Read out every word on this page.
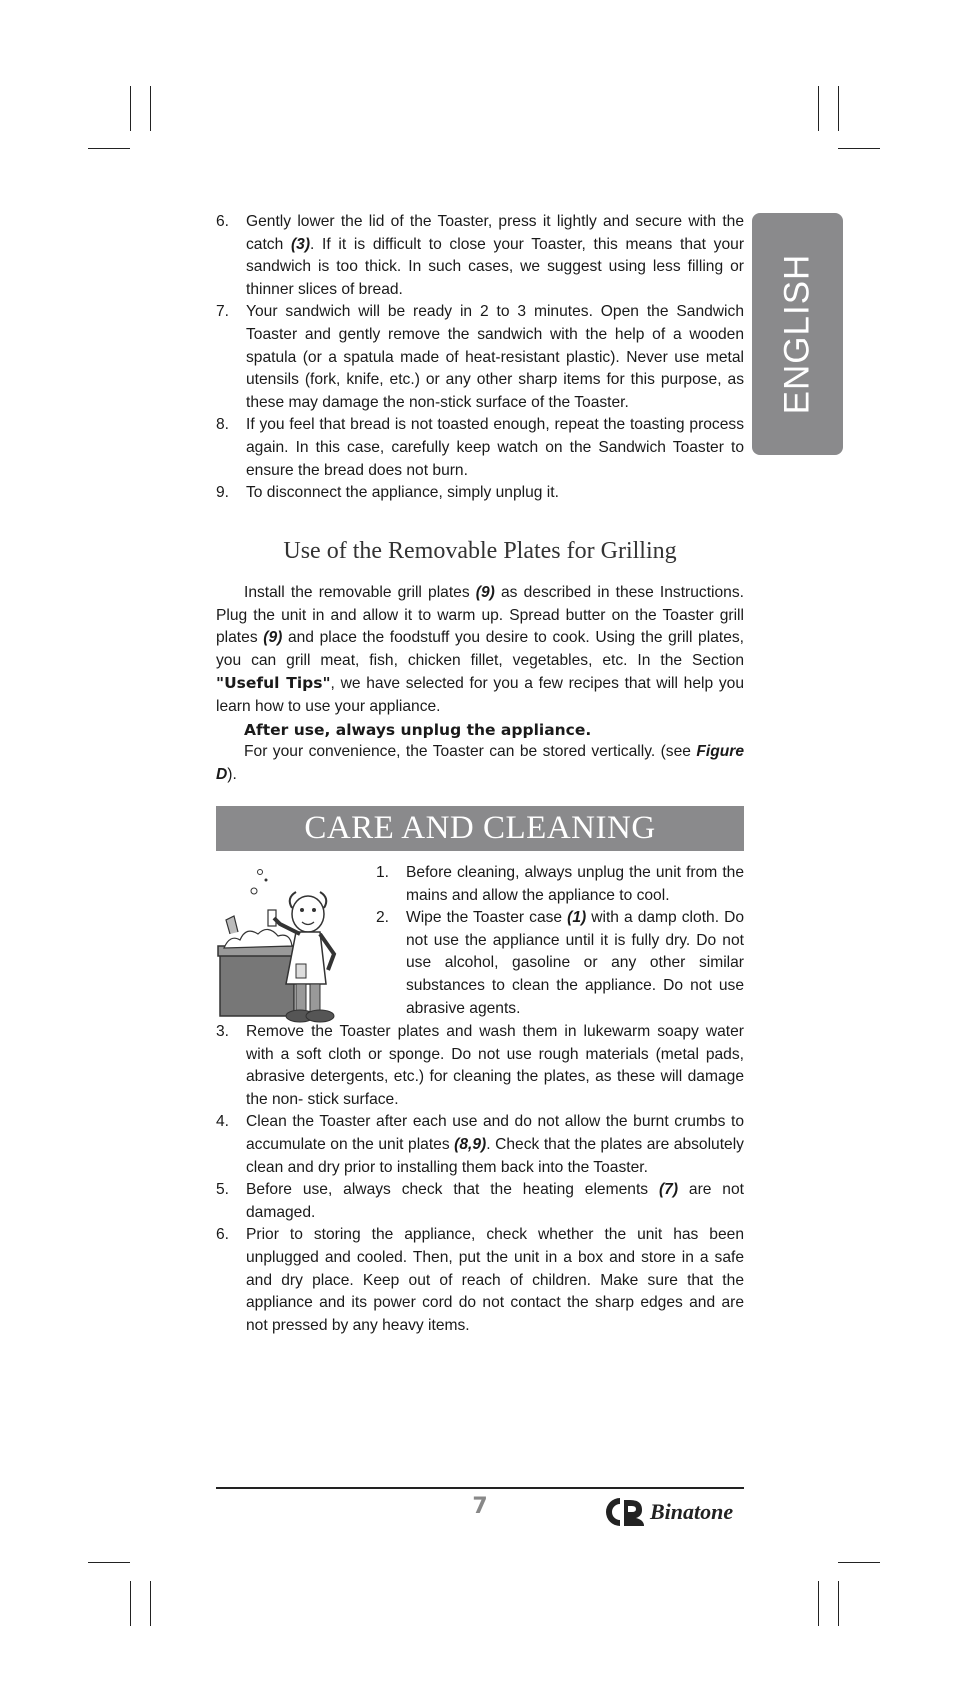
ENGLISH
6. Gently lower the lid of the Toaster, press it lightly and secure with the catch (3). If it is difficult to close your Toaster, this means that your sandwich is too thick. In such cases, we suggest using less filling or thinner slices of bread.
7. Your sandwich will be ready in 2 to 3 minutes. Open the Sandwich Toaster and gently remove the sandwich with the help of a wooden spatula (or a spatula made of heat-resistant plastic). Never use metal utensils (fork, knife, etc.) or any other sharp items for this purpose, as these may damage the non-stick surface of the Toaster.
8. If you feel that bread is not toasted enough, repeat the toasting process again. In this case, carefully keep watch on the Sandwich Toaster to ensure the bread does not burn.
9. To disconnect the appliance, simply unplug it.
Use of the Removable Plates for Grilling

Install the removable grill plates (9) as described in these Instructions. Plug the unit in and allow it to warm up. Spread butter on the Toaster grill plates (9) and place the foodstuff you desire to cook. Using the grill plates, you can grill meat, fish, chicken fillet, vegetables, etc. In the Section "Useful Tips", we have selected for you a few recipes that will help you learn how to use your appliance.

After use, always unplug the appliance.

For your convenience, the Toaster can be stored vertically. (see Figure D).

CARE AND CLEANING
1. Before cleaning, always unplug the unit from the mains and allow the appliance to cool.
2. Wipe the Toaster case (1) with a damp cloth. Do not use the appliance until it is fully dry. Do not use alcohol, gasoline or any other similar substances to clean the appliance. Do not use abrasive agents.
3. Remove the Toaster plates and wash them in lukewarm soapy water with a soft cloth or sponge. Do not use rough materials (metal pads, abrasive detergents, etc.) for cleaning the plates, as these will damage the non- stick surface.
4. Clean the Toaster after each use and do not allow the burnt crumbs to accumulate on the unit plates (8,9). Check that the plates are absolutely clean and dry prior to installing them back into the Toaster.
5. Before use, always check that the heating elements (7) are not damaged.
6. Prior to storing the appliance, check whether the unit has been unplugged and cooled. Then, put the unit in a box and store in a safe and dry place. Keep out of reach of children. Make sure that the appliance and its power cord do not contact the sharp edges and are not pressed by any heavy items.
7	Binatone
